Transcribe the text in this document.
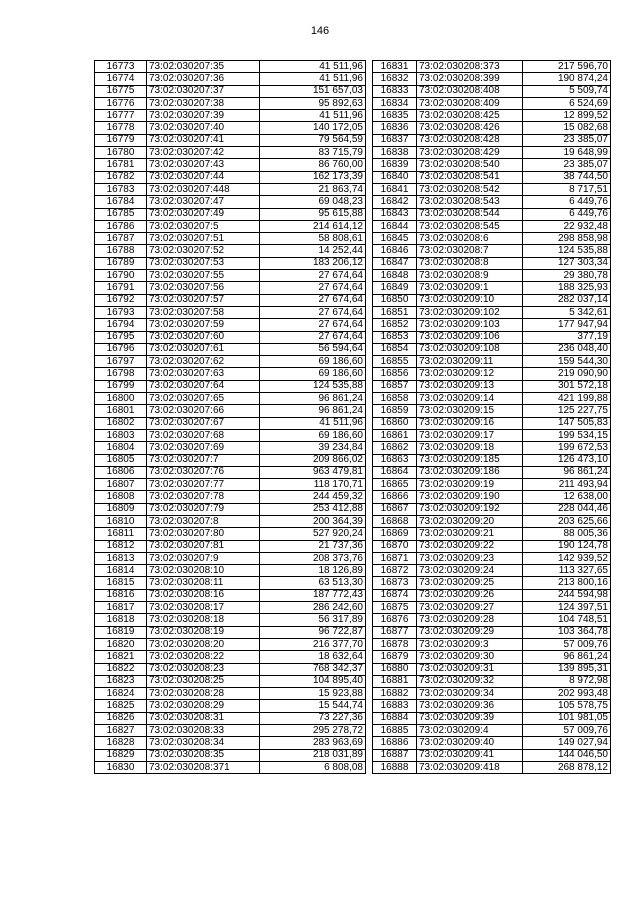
146
16773	73:02:030207:35	41 511,96
16774	73:02:030207:36	41 511,96
16775	73:02:030207:37	151 657,03
16776	73:02:030207:38	95 892,63
16777	73:02:030207:39	41 511,96
16778	73:02:030207:40	140 172,05
16779	73:02:030207:41	79 564,59
16780	73:02:030207:42	83 715,79
16781	73:02:030207:43	86 760,00
16782	73:02:030207:44	162 173,39
16783	73:02:030207:448	21 863,74
16784	73:02:030207:47	69 048,23
16785	73:02:030207:49	95 615,88
16786	73:02:030207:5	214 614,12
16787	73:02:030207:51	58 808,61
16788	73:02:030207:52	14 252,44
16789	73:02:030207:53	183 206,12
16790	73:02:030207:55	27 674,64
16791	73:02:030207:56	27 674,64
16792	73:02:030207:57	27 674,64
16793	73:02:030207:58	27 674,64
16794	73:02:030207:59	27 674,64
16795	73:02:030207:60	27 674,64
16796	73:02:030207:61	56 594,64
16797	73:02:030207:62	69 186,60
16798	73:02:030207:63	69 186,60
16799	73:02:030207:64	124 535,88
16800	73:02:030207:65	96 861,24
16801	73:02:030207:66	96 861,24
16802	73:02:030207:67	41 511,96
16803	73:02:030207:68	69 186,60
16804	73:02:030207:69	39 234,84
16805	73:02:030207:7	209 866,02
16806	73:02:030207:76	963 479,81
16807	73:02:030207:77	118 170,71
16808	73:02:030207:78	244 459,32
16809	73:02:030207:79	253 412,88
16810	73:02:030207:8	200 364,39
16811	73:02:030207:80	527 920,24
16812	73:02:030207:81	21 737,36
16813	73:02:030207:9	208 373,76
16814	73:02:030208:10	18 126,89
16815	73:02:030208:11	63 513,30
16816	73:02:030208:16	187 772,43
16817	73:02:030208:17	286 242,60
16818	73:02:030208:18	56 317,89
16819	73:02:030208:19	96 722,87
16820	73:02:030208:20	216 377,70
16821	73:02:030208:22	18 632,64
16822	73:02:030208:23	768 342,37
16823	73:02:030208:25	104 895,40
16824	73:02:030208:28	15 923,88
16825	73:02:030208:29	15 544,74
16826	73:02:030208:31	73 227,36
16827	73:02:030208:33	295 278,72
16828	73:02:030208:34	283 963,69
16829	73:02:030208:35	218 031,89
16830	73:02:030208:371	6 808,08
16831	73:02:030208:373	217 596,70
16832	73:02:030208:399	190 874,24
16833	73:02:030208:408	5 509,74
16834	73:02:030208:409	6 524,69
16835	73:02:030208:425	12 899,52
16836	73:02:030208:426	15 082,68
16837	73:02:030208:428	23 385,07
16838	73:02:030208:429	19 648,99
16839	73:02:030208:540	23 385,07
16840	73:02:030208:541	38 744,50
16841	73:02:030208:542	8 717,51
16842	73:02:030208:543	6 449,76
16843	73:02:030208:544	6 449,76
16844	73:02:030208:545	22 932,48
16845	73:02:030208:6	298 858,98
16846	73:02:030208:7	124 535,88
16847	73:02:030208:8	127 303,34
16848	73:02:030208:9	29 380,78
16849	73:02:030209:1	188 325,93
16850	73:02:030209:10	282 037,14
16851	73:02:030209:102	5 342,61
16852	73:02:030209:103	177 947,94
16853	73:02:030209:106	377,19
16854	73:02:030209:108	236 048,40
16855	73:02:030209:11	159 544,30
16856	73:02:030209:12	219 090,90
16857	73:02:030209:13	301 572,18
16858	73:02:030209:14	421 199,88
16859	73:02:030209:15	125 227,75
16860	73:02:030209:16	147 505,83
16861	73:02:030209:17	199 534,15
16862	73:02:030209:18	199 672,53
16863	73:02:030209:185	126 473,10
16864	73:02:030209:186	96 861,24
16865	73:02:030209:19	211 493,94
16866	73:02:030209:190	12 638,00
16867	73:02:030209:192	228 044,46
16868	73:02:030209:20	203 625,66
16869	73:02:030209:21	88 005,36
16870	73:02:030209:22	190 124,78
16871	73:02:030209:23	142 939,52
16872	73:02:030209:24	113 327,65
16873	73:02:030209:25	213 800,16
16874	73:02:030209:26	244 594,98
16875	73:02:030209:27	124 397,51
16876	73:02:030209:28	104 748,51
16877	73:02:030209:29	103 364,78
16878	73:02:030209:3	57 009,76
16879	73:02:030209:30	96 861,24
16880	73:02:030209:31	139 895,31
16881	73:02:030209:32	8 972,98
16882	73:02:030209:34	202 993,48
16883	73:02:030209:36	105 578,75
16884	73:02:030209:39	101 981,05
16885	73:02:030209:4	57 009,76
16886	73:02:030209:40	149 027,94
16887	73:02:030209:41	144 046,50
16888	73:02:030209:418	268 878,12
